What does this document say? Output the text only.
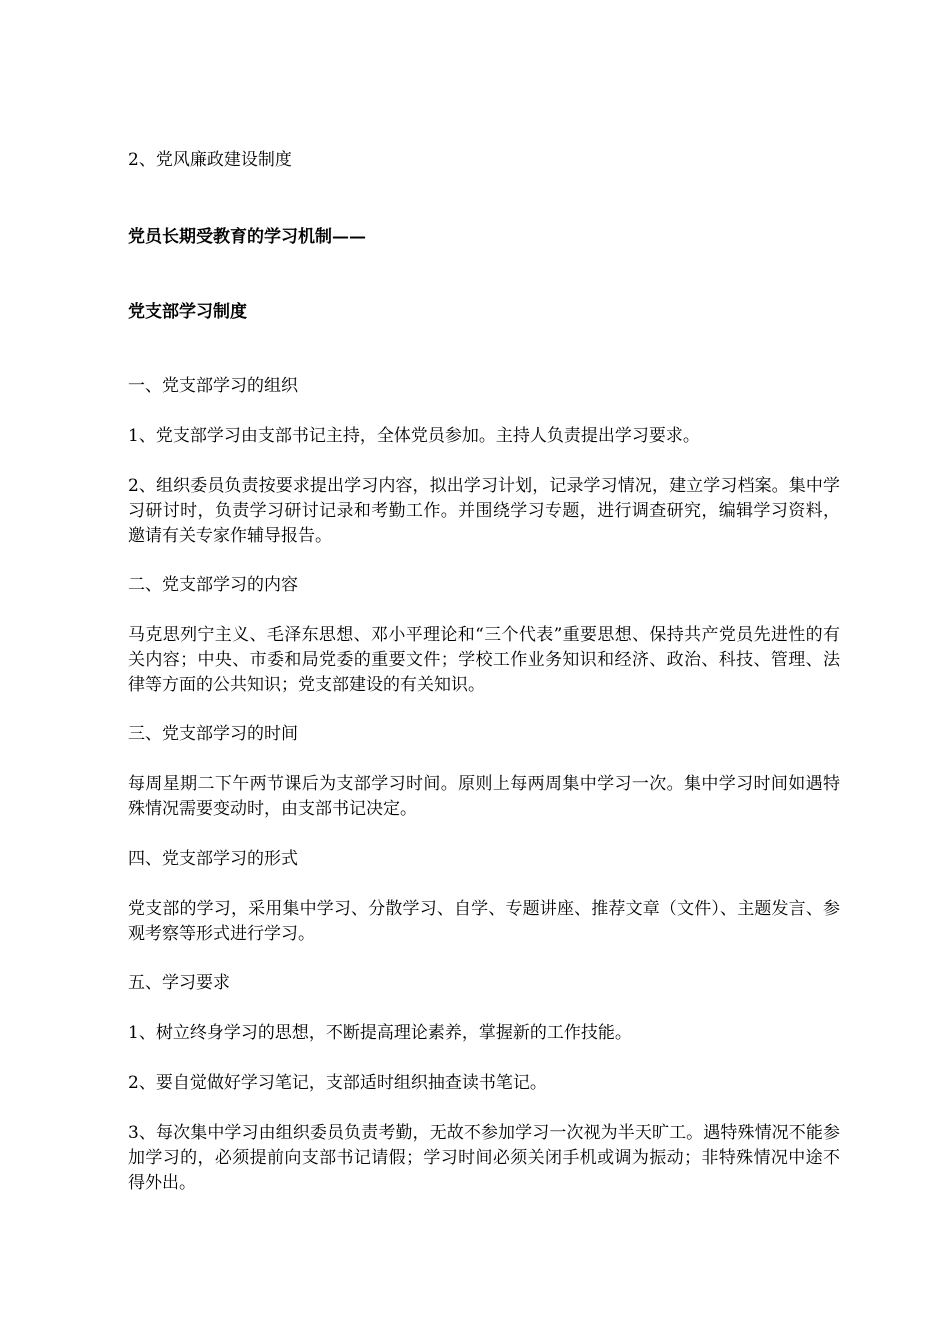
2、党风廉政建设制度
党员长期受教育的学习机制——
党支部学习制度
一、党支部学习的组织
1、党支部学习由支部书记主持，全体党员参加。主持人负责提出学习要求。
2、组织委员负责按要求提出学习内容，拟出学习计划，记录学习情况，建立学习档案。集中学习研讨时，负责学习研讨记录和考勤工作。并围绕学习专题，进行调查研究，编辑学习资料，邀请有关专家作辅导报告。
二、党支部学习的内容
马克思列宁主义、毛泽东思想、邓小平理论和“三个代表”重要思想、保持共产党员先进性的有关内容；中央、市委和局党委的重要文件；学校工作业务知识和经济、政治、科技、管理、法律等方面的公共知识；党支部建设的有关知识。
三、党支部学习的时间
每周星期二下午两节课后为支部学习时间。原则上每两周集中学习一次。集中学习时间如遇特殊情况需要变动时，由支部书记决定。
四、党支部学习的形式
党支部的学习，采用集中学习、分散学习、自学、专题讲座、推荐文章（文件）、主题发言、参观考察等形式进行学习。
五、学习要求
1、树立终身学习的思想，不断提高理论素养，掌握新的工作技能。
2、要自觉做好学习笔记，支部适时组织抽查读书笔记。
3、每次集中学习由组织委员负责考勤，无故不参加学习一次视为半天旷工。遇特殊情况不能参加学习的，必须提前向支部书记请假；学习时间必须关闭手机或调为振动；非特殊情况中途不得外出。
